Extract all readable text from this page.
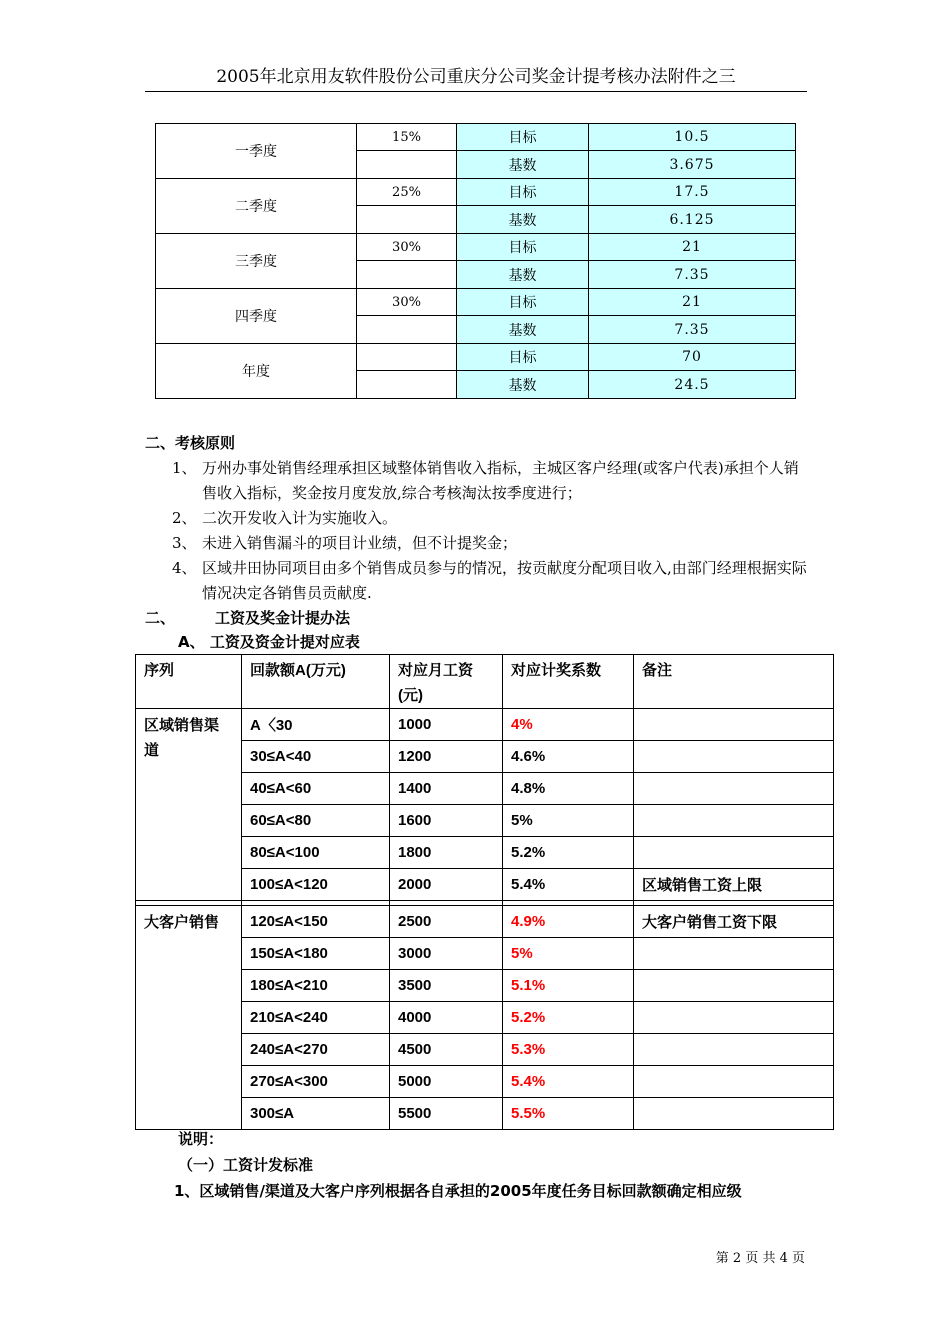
2005年北京用友软件股份公司重庆分公司奖金计提考核办法附件之三
一季度	15%	目标	10.5
		基数	3.675
二季度	25%	目标	17.5
		基数	6.125
三季度	30%	目标	21
		基数	7.35
四季度	30%	目标	21
		基数	7.35
年度		目标	70
		基数	24.5
二、考核原则
1、 万州办事处销售经理承担区域整体销售收入指标，主城区客户经理(或客户代表)承担个人销售收入指标，奖金按月度发放,综合考核淘汰按季度进行；
2、 二次开发收入计为实施收入。
3、 未进入销售漏斗的项目计业绩，但不计提奖金；
4、 区域井田协同项目由多个销售成员参与的情况，按贡献度分配项目收入,由部门经理根据实际情况决定各销售员贡献度.
二、	工资及奖金计提办法
A、 工资及资金计提对应表
序列	回款额A(万元)	对应月工资(元)	对应计奖系数	备注
区域销售渠道	A〈30	1000	4%	
	30≤A<40	1200	4.6%	
	40≤A<60	1400	4.8%	
	60≤A<80	1600	5%	
	80≤A<100	1800	5.2%	
	100≤A<120	2000	5.4%	区域销售工资上限

大客户销售	120≤A<150	2500	4.9%	大客户销售工资下限
	150≤A<180	3000	5%	
	180≤A<210	3500	5.1%	
	210≤A<240	4000	5.2%	
	240≤A<270	4500	5.3%	
	270≤A<300	5000	5.4%	
	300≤A	5500	5.5%	
说明：
（一）工资计发标准
1、区域销售/渠道及大客户序列根据各自承担的2005年度任务目标回款额确定相应级
第 2 页 共 4 页
